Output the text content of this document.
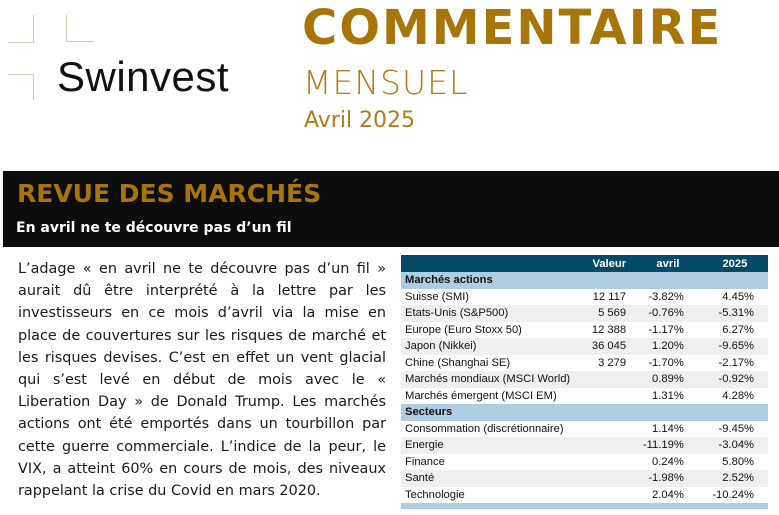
Swinvest
COMMENTAIRE
MENSUEL
Avril 2025
REVUE DES MARCHÉS
En avril ne te découvre pas d’un fil

L’adage « en avril ne te découvre pas d’un fil » aurait dû être interprété à la lettre par les investisseurs en ce mois d’avril via la mise en place de couvertures sur les risques de marché et les risques devises. C’est en effet un vent glacial qui s’est levé en début de mois avec le « Liberation Day » de Donald Trump. Les marchés actions ont été emportés dans un tourbillon par cette guerre commerciale. L’indice de la peur, le VIX, a atteint 60% en cours de mois, des niveaux rappelant la crise du Covid en mars 2020.

	Valeur	avril	2025
Marchés actions			
Suisse (SMI)	12 117	-3.82%	4.45%
Etats-Unis (S&P500)	5 569	-0.76%	-5.31%
Europe (Euro Stoxx 50)	12 388	-1.17%	6.27%
Japon (Nikkei)	36 045	1.20%	-9.65%
Chine (Shanghai SE)	3 279	-1.70%	-2.17%
Marchés mondiaux (MSCI World)		0.89%	-0.92%
Marchés émergent (MSCI EM)		1.31%	4.28%
Secteurs			
Consommation (discrétionnaire)		1.14%	-9.45%
Energie		-11.19%	-3.04%
Finance		0.24%	5.80%
Santé		-1.98%	2.52%
Technologie		2.04%	-10.24%
